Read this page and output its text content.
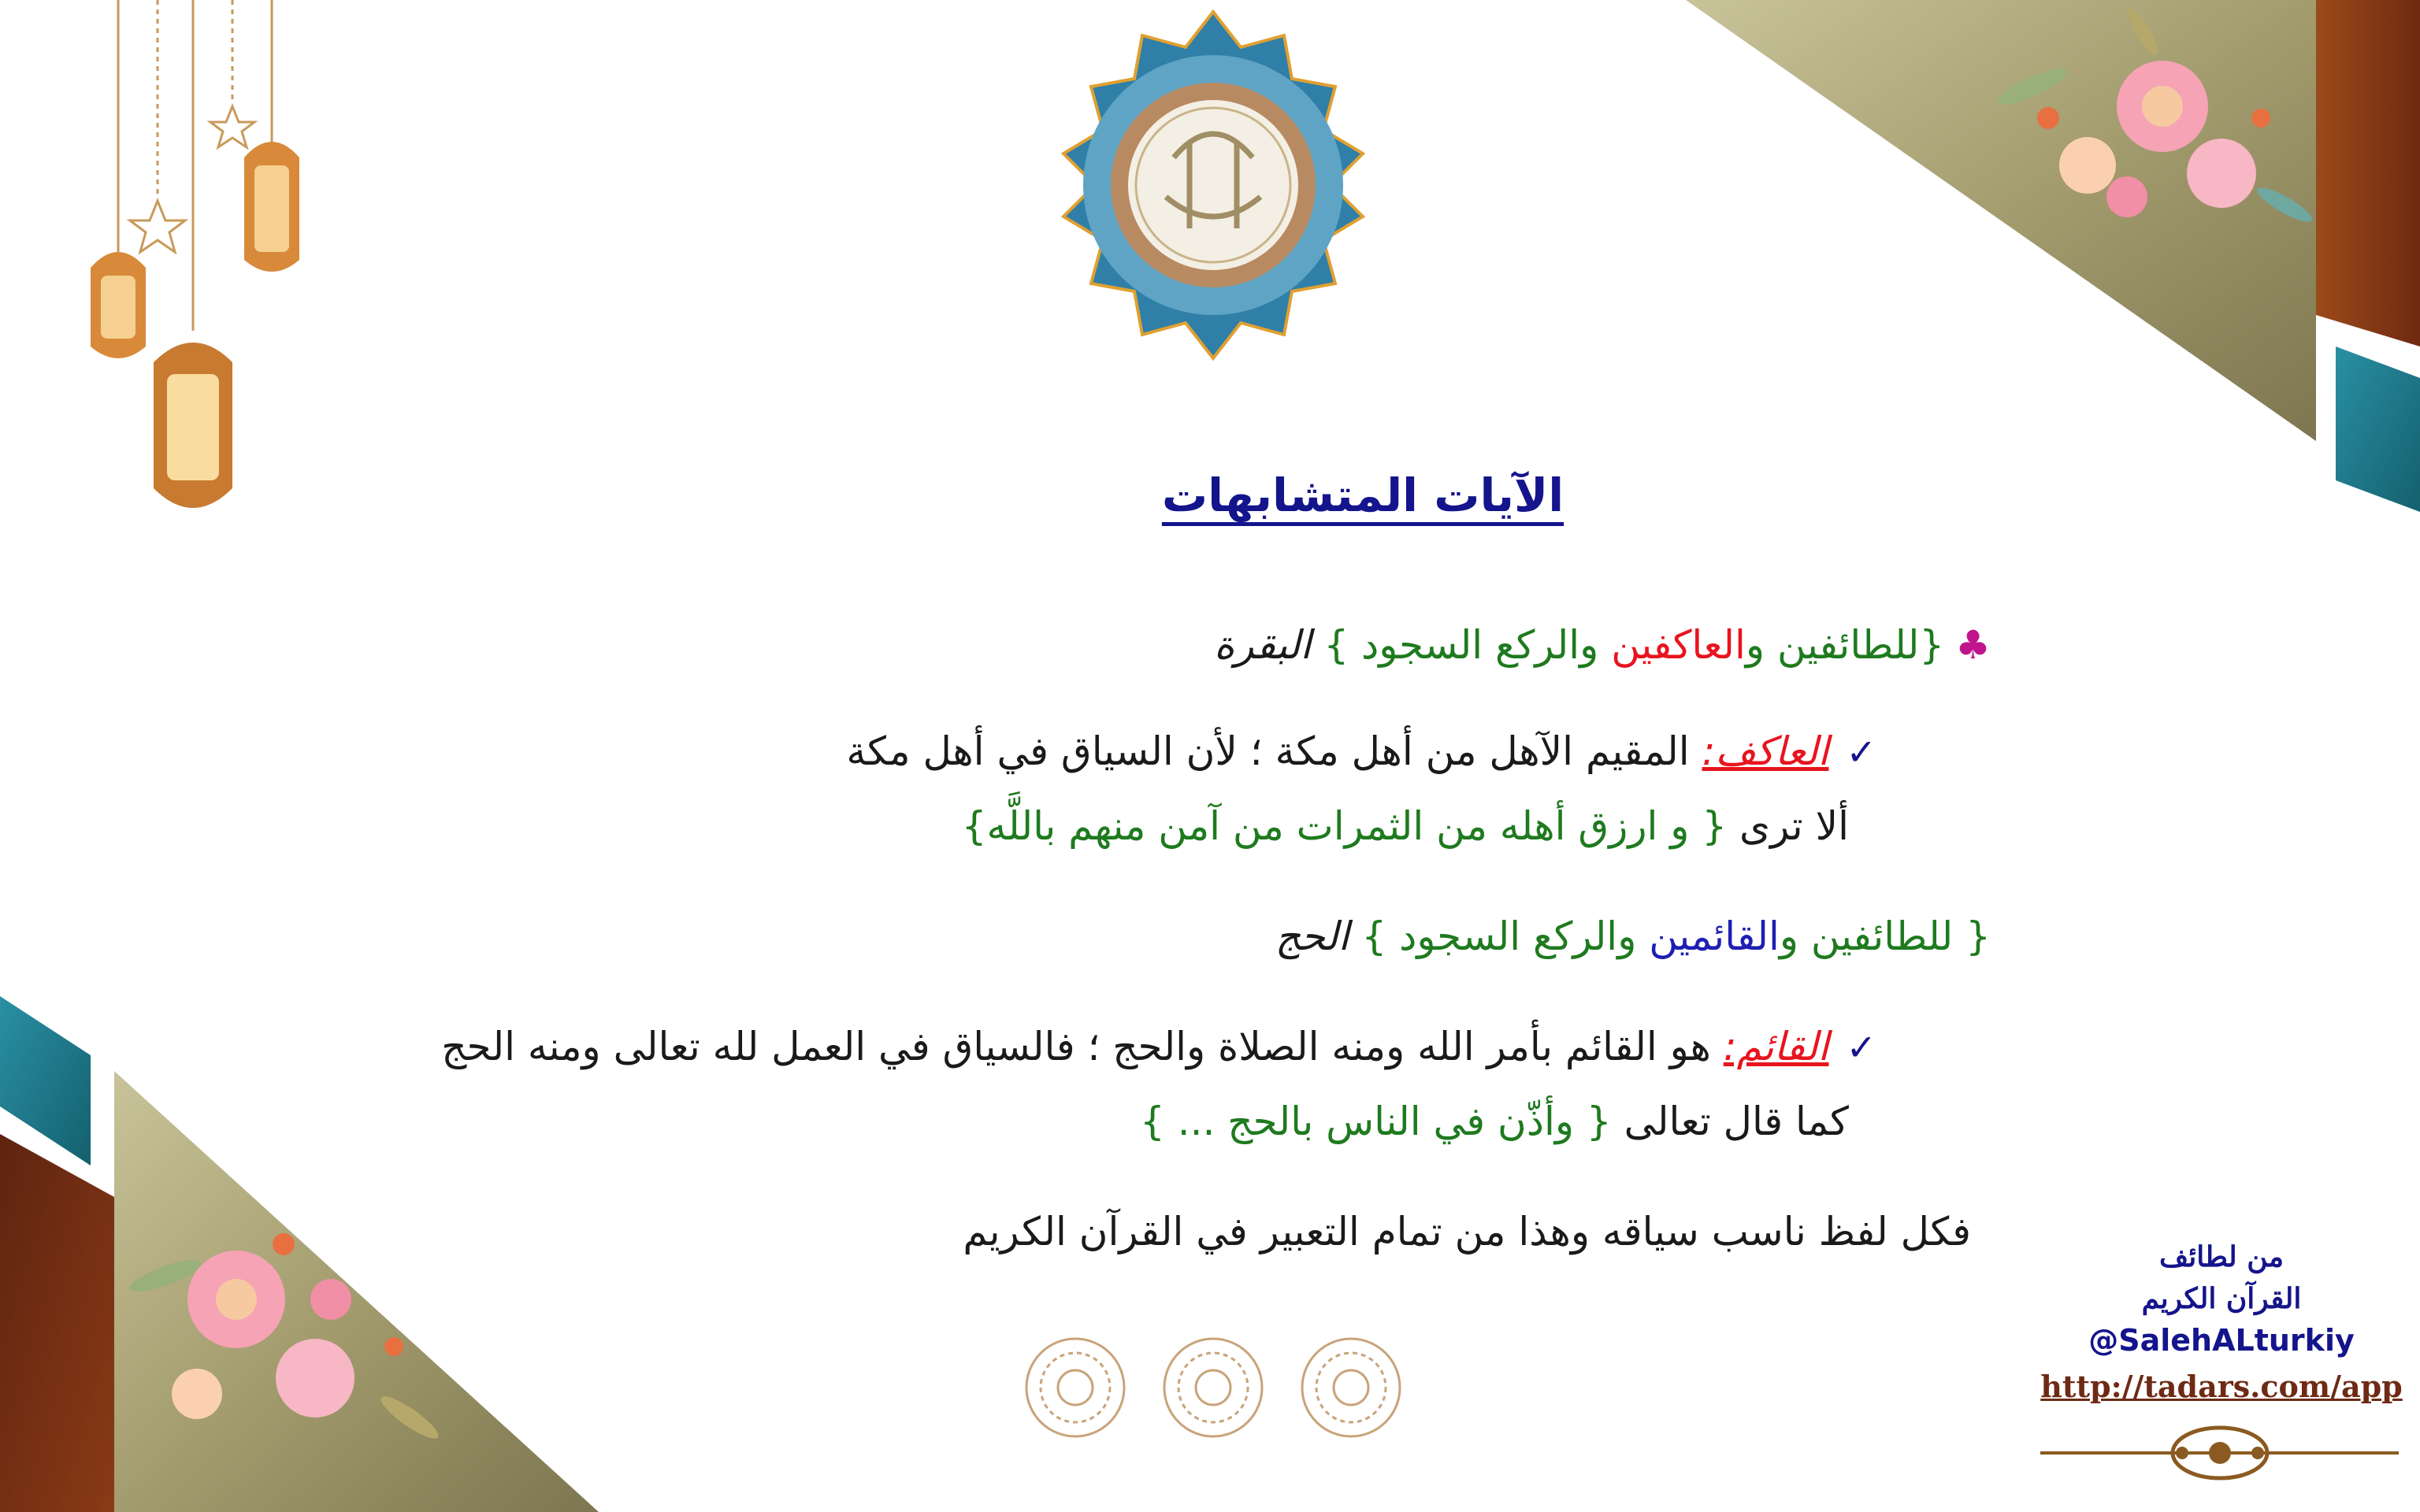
الآيات المتشابهات
♣{للطائفين والعاكفين والركع السجود } البقرة
✓العاكف: المقيم الآهل من أهل مكة ؛ لأن السياق في أهل مكة
ألا ترى { و ارزق أهله من الثمرات من آمن منهم باللَّه}
{ للطائفين والقائمين والركع السجود } الحج
✓القائم: هو القائم بأمر الله ومنه الصلاة والحج ؛ فالسياق في العمل لله تعالى ومنه الحج
كما قال تعالى { وأذّن في الناس بالحج ... }
فكل لفظ ناسب سياقه وهذا من تمام التعبير في القرآن الكريم
من لطائف
القرآن الكريم
@SalehALturkiy
http://tadars.com/app
